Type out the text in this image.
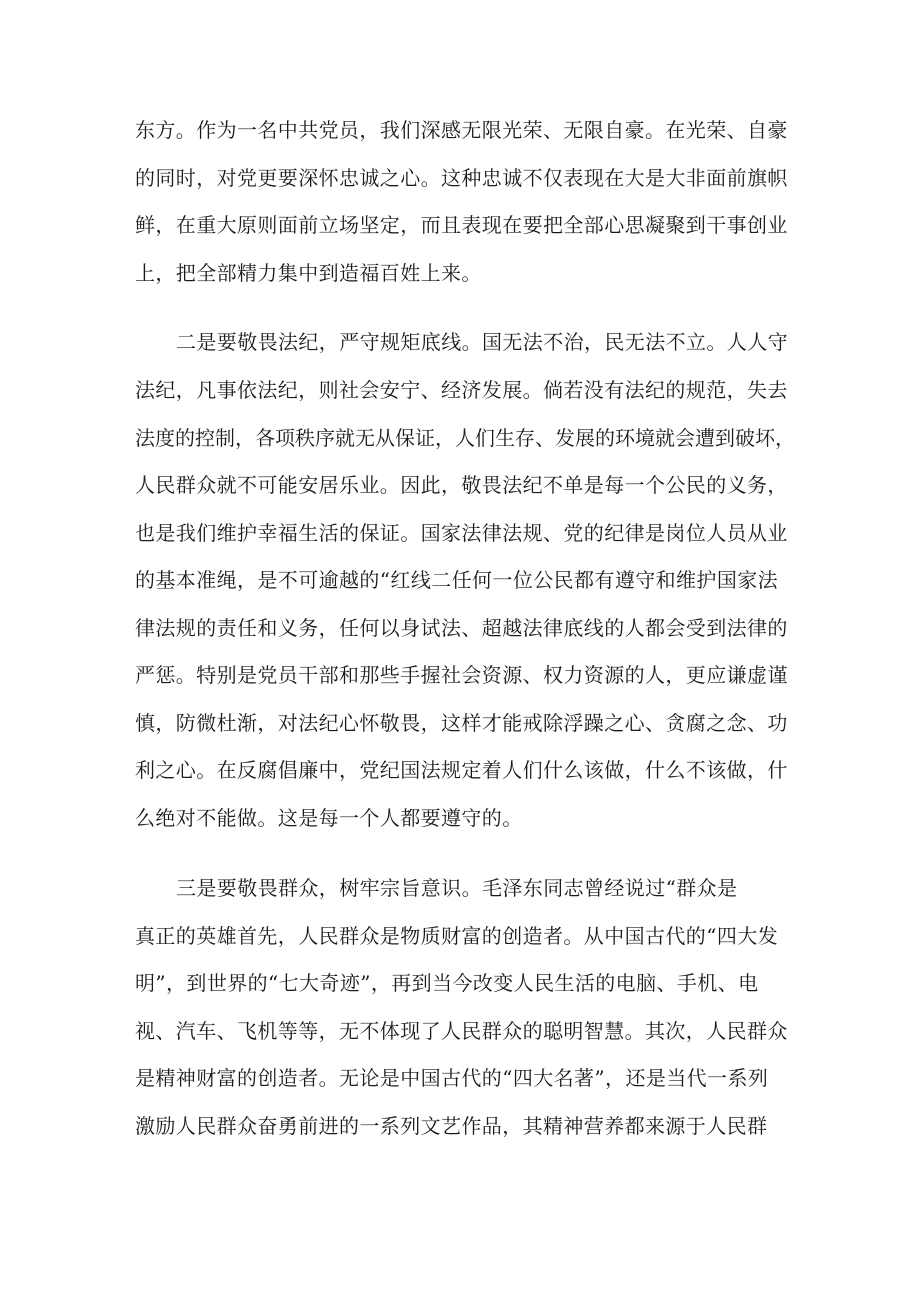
东方。作为一名中共党员，我们深感无限光荣、无限自豪。在光荣、自豪

的同时，对党更要深怀忠诚之心。这种忠诚不仅表现在大是大非面前旗帜

鲜，在重大原则面前立场坚定，而且表现在要把全部心思凝聚到干事创业

上，把全部精力集中到造福百姓上来。

二是要敬畏法纪，严守规矩底线。国无法不治，民无法不立。人人守

法纪，凡事依法纪，则社会安宁、经济发展。倘若没有法纪的规范，失去

法度的控制，各项秩序就无从保证，人们生存、发展的环境就会遭到破坏，

人民群众就不可能安居乐业。因此，敬畏法纪不单是每一个公民的义务，

也是我们维护幸福生活的保证。国家法律法规、党的纪律是岗位人员从业

的基本准绳，是不可逾越的“红线二任何一位公民都有遵守和维护国家法

律法规的责任和义务，任何以身试法、超越法律底线的人都会受到法律的

严惩。特别是党员干部和那些手握社会资源、权力资源的人，更应谦虚谨

慎，防微杜渐，对法纪心怀敬畏，这样才能戒除浮躁之心、贪腐之念、功

利之心。在反腐倡廉中，党纪国法规定着人们什么该做，什么不该做，什

么绝对不能做。这是每一个人都要遵守的。

三是要敬畏群众，树牢宗旨意识。毛泽东同志曾经说过“群众是

真正的英雄首先，人民群众是物质财富的创造者。从中国古代的“四大发

明”，到世界的“七大奇迹”，再到当今改变人民生活的电脑、手机、电

视、汽车、飞机等等，无不体现了人民群众的聪明智慧。其次，人民群众

是精神财富的创造者。无论是中国古代的“四大名著”，还是当代一系列

激励人民群众奋勇前进的一系列文艺作品，其精神营养都来源于人民群
